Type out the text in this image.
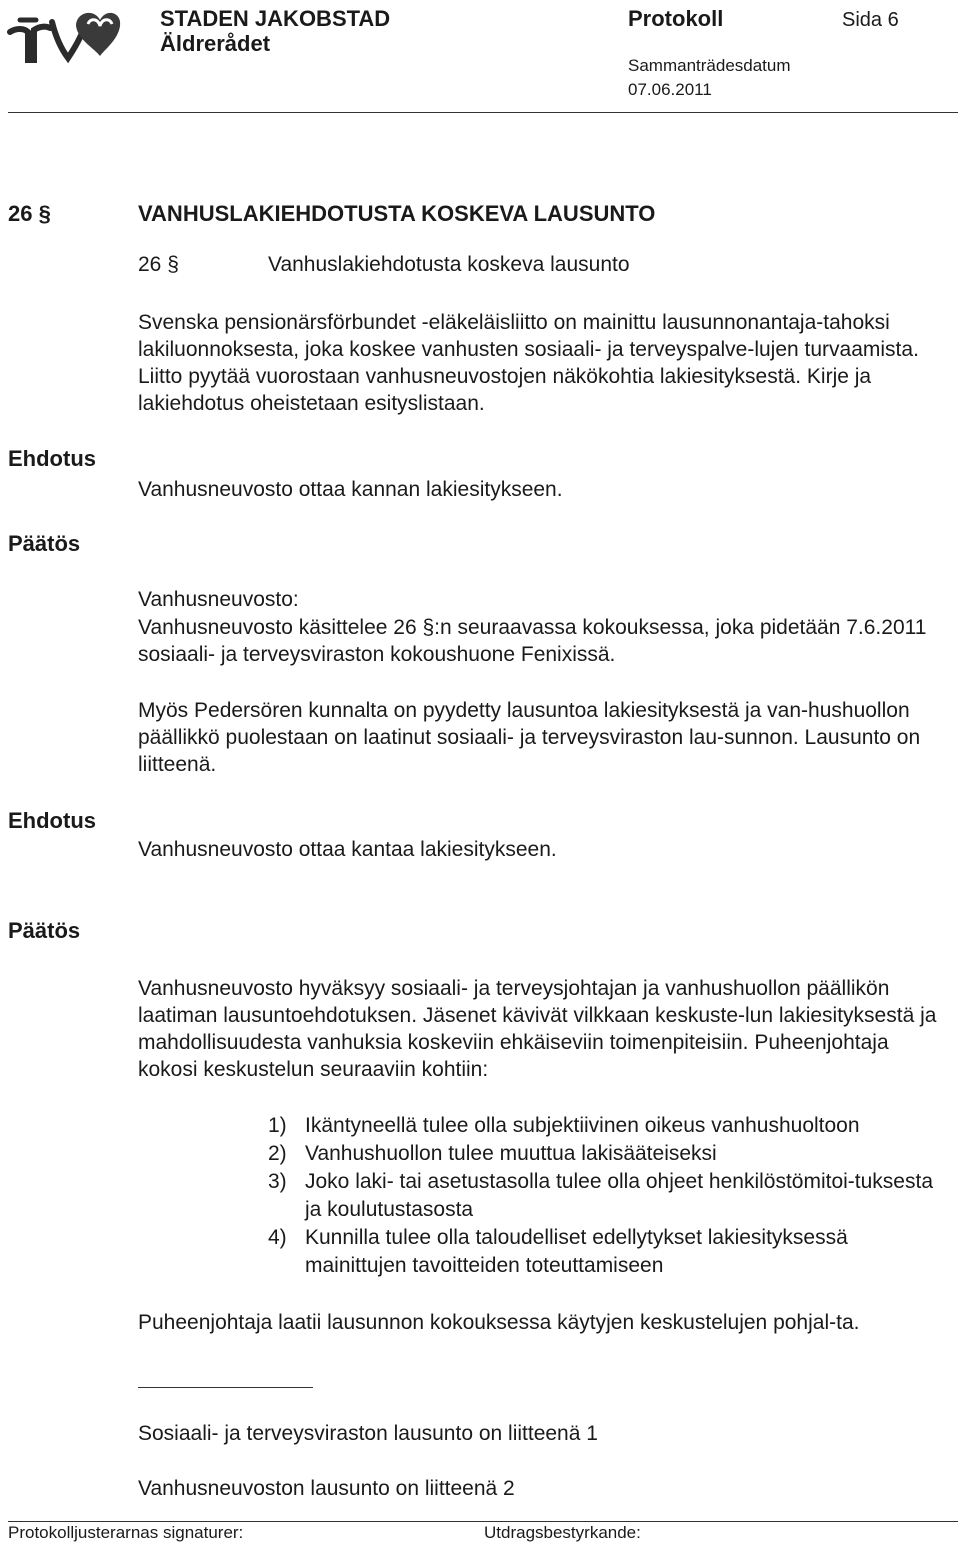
STADEN JAKOBSTAD
Äldrerådet
Protokoll	Sida 6
Sammanträdesdatum
07.06.2011
26 §	VANHUSLAKIEHDOTUSTA KOSKEVA LAUSUNTO
26 §	Vanhuslakiehdotusta koskeva lausunto
Svenska pensionärsförbundet -eläkeläisliitto on mainittu lausunnonantaja-tahoksi lakiluonnoksesta, joka koskee vanhusten sosiaali- ja terveyspalve-lujen turvaamista. Liitto pyytää vuorostaan vanhusneuvostojen näkökohtia lakiesityksestä. Kirje ja lakiehdotus oheistetaan esityslistaan.
Ehdotus
Vanhusneuvosto ottaa kannan lakiesitykseen.
Päätös
Vanhusneuvosto:
Vanhusneuvosto käsittelee 26 §:n seuraavassa kokouksessa, joka pidetään 7.6.2011 sosiaali- ja terveysviraston kokoushuone Fenixissä.
Myös Pedersören kunnalta on pyydetty lausuntoa lakiesityksestä ja van-hushuollon päällikkö puolestaan on laatinut sosiaali- ja terveysviraston lau-sunnon. Lausunto on liitteenä.
Ehdotus
Vanhusneuvosto ottaa kantaa lakiesitykseen.
Päätös
Vanhusneuvosto hyväksyy sosiaali- ja terveysjohtajan ja vanhushuollon päällikön laatiman lausuntoehdotuksen. Jäsenet kävivät vilkkaan keskuste-lun lakiesityksestä ja mahdollisuudesta vanhuksia koskeviin ehkäiseviin toimenpiteisiin. Puheenjohtaja kokosi keskustelun seuraaviin kohtiin:
1) Ikäntyneellä tulee olla subjektiivinen oikeus vanhushuoltoon
2) Vanhushuollon tulee muuttua lakisääteiseksi
3) Joko laki- tai asetustasolla tulee olla ohjeet henkilöstömitoi-tuksesta ja koulutustasosta
4) Kunnilla tulee olla taloudelliset edellytykset lakiesityksessä mainittujen tavoitteiden toteuttamiseen
Puheenjohtaja laatii lausunnon kokouksessa käytyjen keskustelujen pohjal-ta.
Sosiaali- ja terveysviraston lausunto on liitteenä 1
Vanhusneuvoston lausunto on liitteenä 2
Protokolljusterarnas signaturer:	Utdragsbestyrkande:
